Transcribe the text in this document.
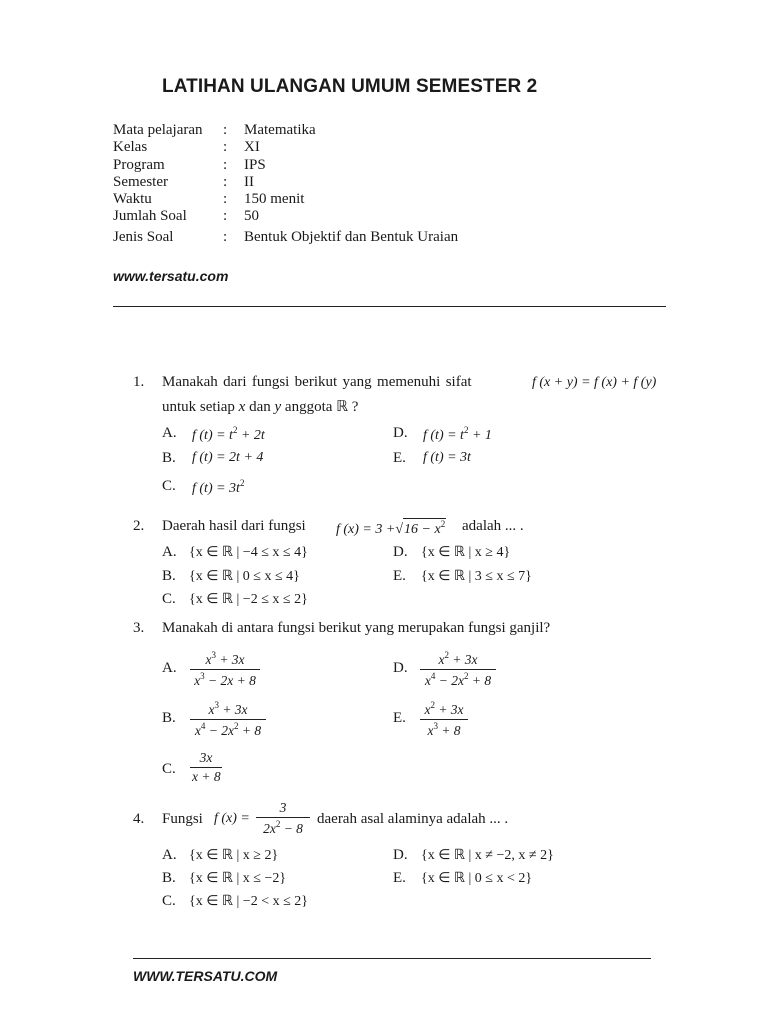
LATIHAN ULANGAN UMUM SEMESTER 2
Mata pelajaran : Matematika
Kelas	: XI
Program	: IPS
Semester	: II
Waktu	: 150 menit
Jumlah Soal : 50
Jenis Soal	: Bentuk Objektif dan Bentuk Uraian
www.tersatu.com
1. Manakah dari fungsi berikut yang memenuhi sifat	f (x + y) = f (x) + f (y)
untuk setiap x dan y anggota ℝ ?
A. f $(t) = t^2 + 2t$
B. f (t) = 2t + 4
C. f $(t) = 3t^2$
D. f $(t) = t^2 + 1$
E. f (t) = 3t
2. Daerah hasil dari fungsi f $(x) = 3 +√16 - x^2$ adalah ... .
A. {x ∈ ℝ | −4 ≤ x ≤ 4}
B. {x ∈ ℝ | 0 ≤ x ≤ 4}
C. {x ∈ ℝ | −2 ≤ x ≤ 2}
D. {x ∈ ℝ | x ≥ 4}
E. {x ∈ ℝ | 3 ≤ x ≤ 7}
3. Manakah di antara fungsi berikut yang merupakan fungsi ganjil?
A.
$x^3 + 3x$
$x^3 - 2x + 8$
B.
$x^3 + 3x$
$x^4 - 2x^2 + 8$
C.
3x
x + 8
D.
$x^2 + 3x$
$x^4 - 2x^2 + 8$
E.
$x^2 + 3x$
$x^3 + 8$
4. Fungsi f (x) =
3
$2x^2 - 8$
daerah asal alaminya adalah ... .
A. {x ∈ ℝ | x ≥ 2}
B. {x ∈ ℝ | x ≤ −2}
C. {x ∈ ℝ | −2 < x ≤ 2}
D. {x ∈ ℝ | x ≠ −2, x ≠ 2}
E. {x ∈ ℝ | 0 ≤ x < 2}
WWW.TERSATU.COM
